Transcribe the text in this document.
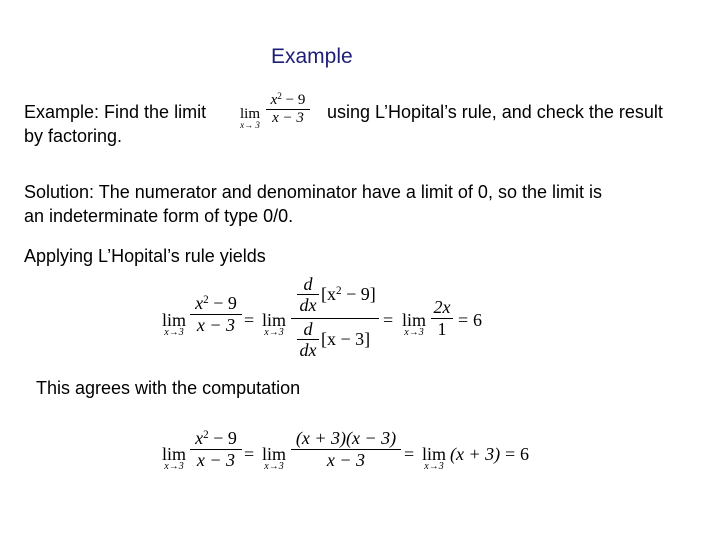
Example
Example: Find the limit	using L’Hopital’s rule, and check the result
by factoring.
lim
x→ 3
$x^2 - 9$
x − 3
Solution: The numerator and denominator have a limit of 0, so the limit is
an indeterminate form of type 0/0.
Applying L’Hopital’s rule yields
lim
x→3
$x^2 - 9$
x − 3 = lim
x→3
d
dx
$[x^2 - 9]$
d
dx
[x − 3]
= lim
x→3
2x
1 = 6
This agrees with the computation
lim
x→3
$x^2 - 9$
x − 3 = lim
x→3
(x + 3)(x − 3)
x − 3	= lim
x→3
(x + 3) = 6
